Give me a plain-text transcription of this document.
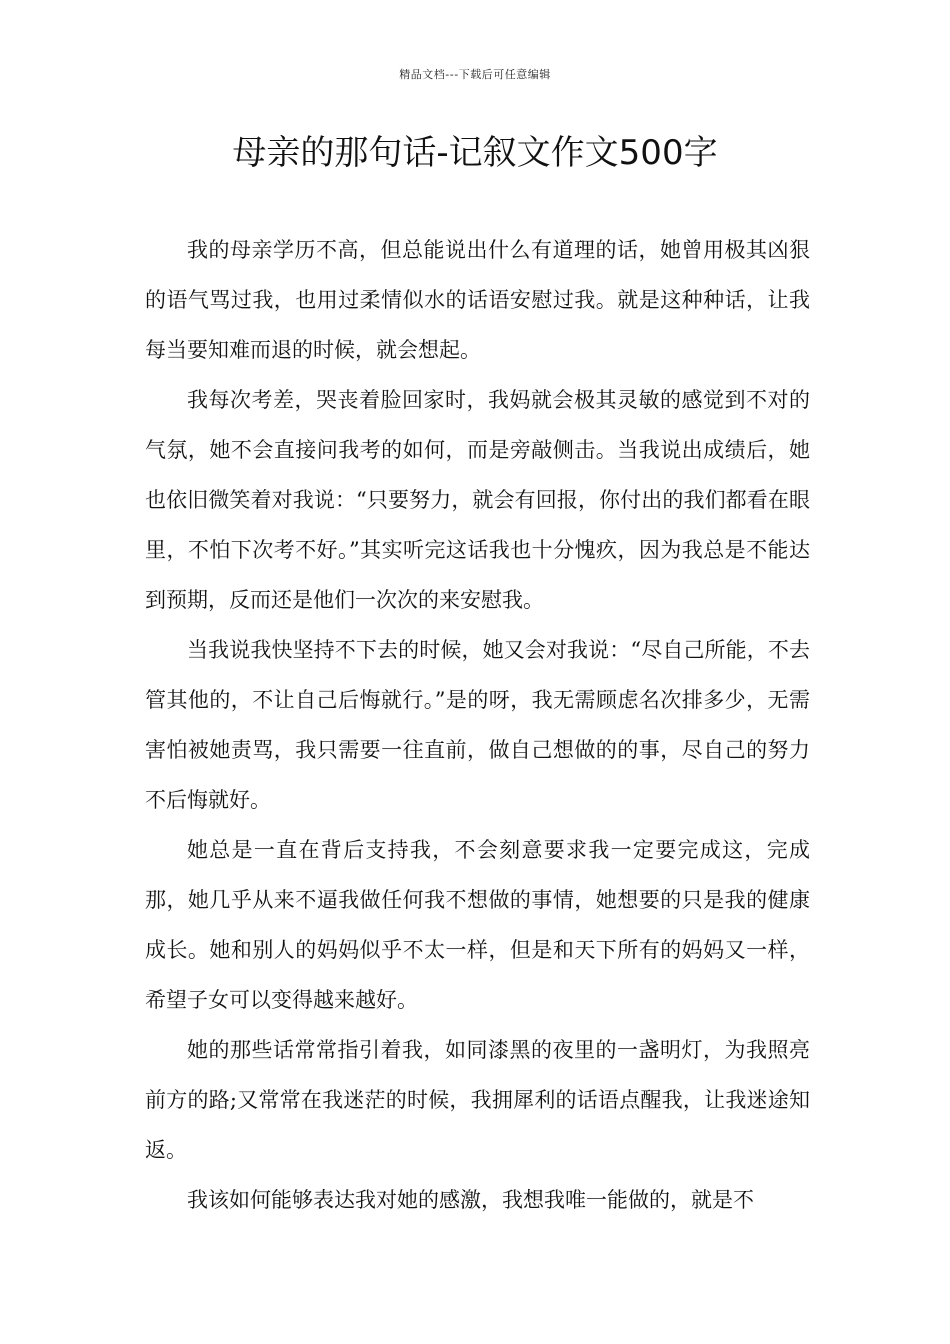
精品文档---下载后可任意编辑
母亲的那句话-记叙文作文500字

我的母亲学历不高，但总能说出什么有道理的话，她曾用极其凶狠的语气骂过我，也用过柔情似水的话语安慰过我。就是这种种话，让我每当要知难而退的时候，就会想起。

我每次考差，哭丧着脸回家时，我妈就会极其灵敏的感觉到不对的气氛，她不会直接问我考的如何，而是旁敲侧击。当我说出成绩后，她也依旧微笑着对我说：“只要努力，就会有回报，你付出的我们都看在眼里，不怕下次考不好。”其实听完这话我也十分愧疚，因为我总是不能达到预期，反而还是他们一次次的来安慰我。

当我说我快坚持不下去的时候，她又会对我说：“尽自己所能，不去管其他的，不让自己后悔就行。”是的呀，我无需顾虑名次排多少，无需害怕被她责骂，我只需要一往直前，做自己想做的的事，尽自己的努力不后悔就好。

她总是一直在背后支持我，不会刻意要求我一定要完成这，完成那，她几乎从来不逼我做任何我不想做的事情，她想要的只是我的健康成长。她和别人的妈妈似乎不太一样，但是和天下所有的妈妈又一样，希望子女可以变得越来越好。

她的那些话常常指引着我，如同漆黑的夜里的一盏明灯，为我照亮前方的路;又常常在我迷茫的时候，我拥犀利的话语点醒我，让我迷途知返。

我该如何能够表达我对她的感激，我想我唯一能做的，就是不
